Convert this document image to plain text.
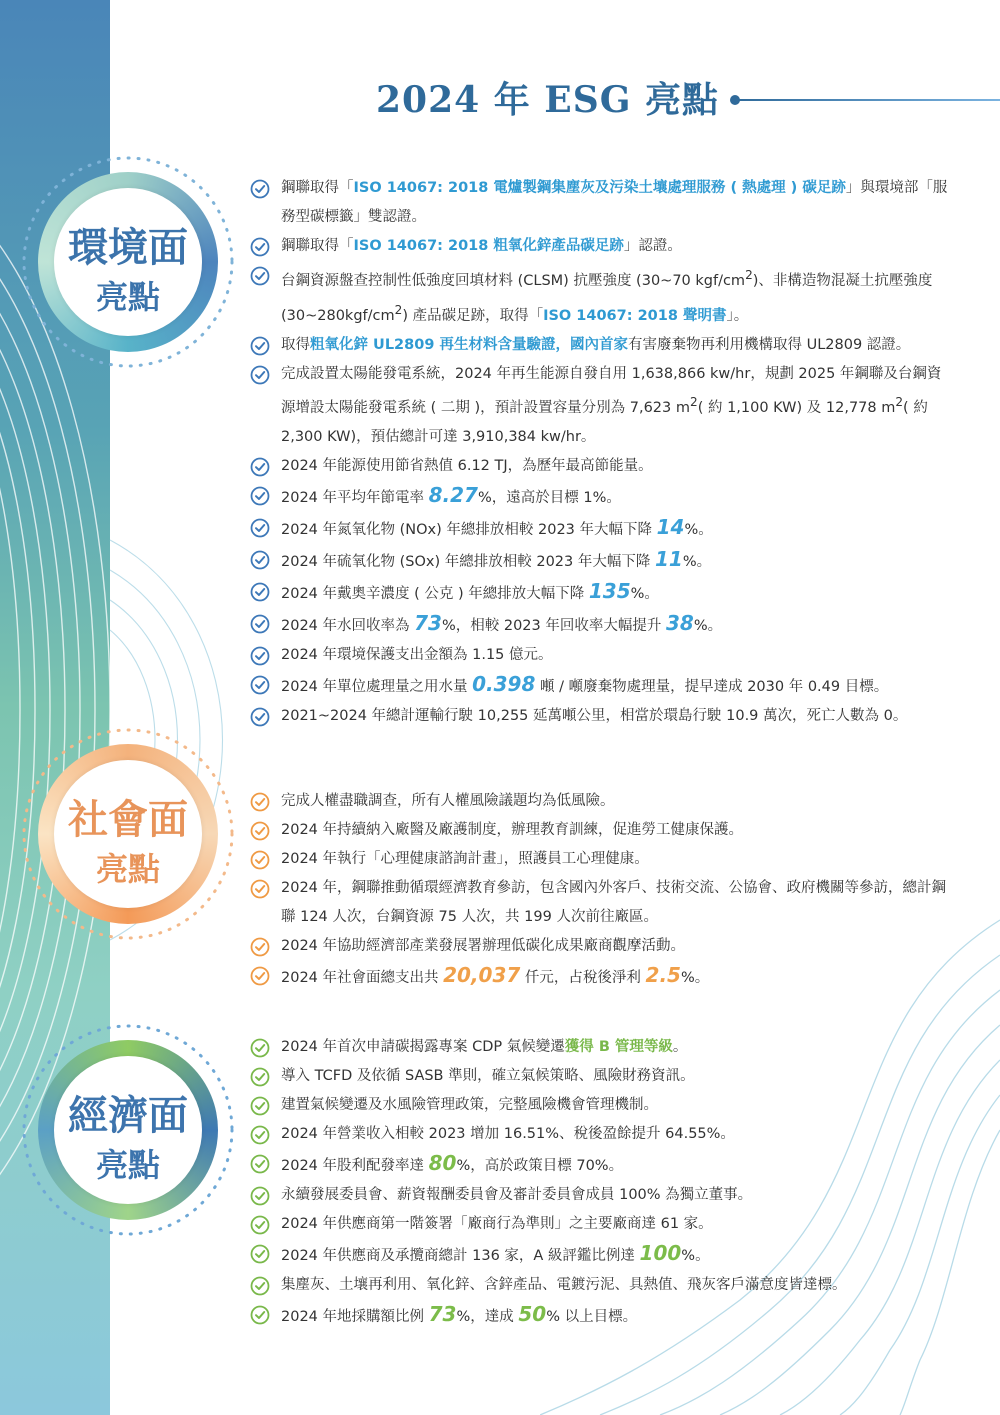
2024 年 ESG 亮點
環境面
亮點
社會面
亮點
經濟面
亮點
鋼聯取得「ISO 14067: 2018 電爐製鋼集塵灰及污染土壤處理服務 ( 熱處理 ) 碳足跡」與環境部「服務型碳標籤」雙認證。
鋼聯取得「ISO 14067: 2018 粗氧化鋅產品碳足跡」認證。
台鋼資源盤查控制性低強度回填材料 (CLSM) 抗壓強度 (30~70 kgf/$cm^2$)、非構造物混凝土抗壓強度 $(30\sim 280kgf/cm^2)$ 產品碳足跡，取得「ISO 14067: 2018 聲明書」。
取得粗氧化鋅 UL2809 再生材料含量驗證，國內首家有害廢棄物再利用機構取得 UL2809 認證。
完成設置太陽能發電系統，2024 年再生能源自發自用 1,638,866 kw/hr，規劃 2025 年鋼聯及台鋼資源增設太陽能發電系統 ( 二期 )，預計設置容量分別為 7,623 $m^2$( 約 1,100 KW) 及 12,778 $m^2$( 約 2,300 KW)，預估總計可達 3,910,384 kw/hr。
2024 年能源使用節省熱值 6.12 TJ，為歷年最高節能量。
2024 年平均年節電率 8.27%，遠高於目標 1%。
2024 年氮氧化物 (NOx) 年總排放相較 2023 年大幅下降 14%。
2024 年硫氧化物 (SOx) 年總排放相較 2023 年大幅下降 11%。
2024 年戴奧辛濃度 ( 公克 ) 年總排放大幅下降 135%。
2024 年水回收率為 73%，相較 2023 年回收率大幅提升 38%。
2024 年環境保護支出金額為 1.15 億元。
2024 年單位處理量之用水量 0.398 噸 / 噸廢棄物處理量，提早達成 2030 年 0.49 目標。
2021~2024 年總計運輸行駛 10,255 延萬噸公里，相當於環島行駛 10.9 萬次，死亡人數為 0。
完成人權盡職調查，所有人權風險議題均為低風險。
2024 年持續納入廠醫及廠護制度，辦理教育訓練，促進勞工健康保護。
2024 年執行「心理健康諮詢計畫」，照護員工心理健康。
2024 年，鋼聯推動循環經濟教育參訪，包含國內外客戶、技術交流、公協會、政府機關等參訪，總計鋼聯 124 人次，台鋼資源 75 人次，共 199 人次前往廠區。
2024 年協助經濟部產業發展署辦理低碳化成果廠商觀摩活動。
2024 年社會面總支出共 20,037 仟元，占稅後淨利 2.5%。
2024 年首次申請碳揭露專案 CDP 氣候變遷獲得 B 管理等級。
導入 TCFD 及依循 SASB 準則，確立氣候策略、風險財務資訊。
建置氣候變遷及水風險管理政策，完整風險機會管理機制。
2024 年營業收入相較 2023 增加 16.51%、稅後盈餘提升 64.55%。
2024 年股利配發率達 80%，高於政策目標 70%。
永續發展委員會、薪資報酬委員會及審計委員會成員 100% 為獨立董事。
2024 年供應商第一階簽署「廠商行為準則」之主要廠商達 61 家。
2024 年供應商及承攬商總計 136 家，A 級評鑑比例達 100%。
集塵灰、土壤再利用、氧化鋅、含鋅產品、電鍍污泥、具熱值、飛灰客戶滿意度皆達標。
2024 年地採購額比例 73%，達成 50% 以上目標。
